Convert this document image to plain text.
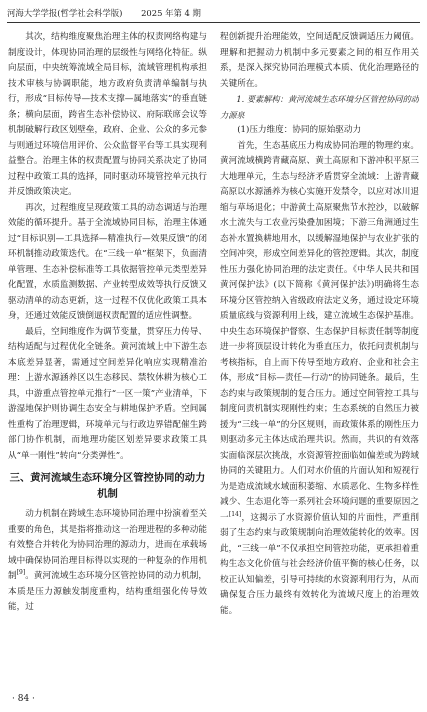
河海大学学报(哲学社会科学版) 2025 年第 4 期

其次，结构维度聚焦治理主体的权责网络构建与制度设计，体现协同治理的层级性与网络化特征。纵向层面，中央统筹流域全局目标，流域管理机构承担技术审核与协调职能，地方政府负责清单编制与执行，形成“目标传导—技术支撑—属地落实”的垂直链条；横向层面，跨省生态补偿协议、府际联席会议等机制破解行政区划壁垒，政府、企业、公众的多元参与则通过环境信用评价、公众监督平台等工具实现利益整合。治理主体的权责配置与协同关系决定了协同过程中政策工具的选择，同时驱动环境管控单元执行并反馈政策决定。

再次，过程维度呈现政策工具的动态调适与治理效能的循环提升。基于全流域协同目标，治理主体通过“目标识别—工具选择—精准执行—效果反馈”的闭环机制推动政策迭代。在“三线一单”框架下，负面清单管理、生态补偿标准等工具依据管控单元类型差异化配置，水质监测数据、产业转型成效等执行反馈又驱动清单的动态更新，这一过程不仅优化政策工具本身，还通过效能反馈倒逼权责配置的适应性调整。

最后，空间维度作为调节变量，贯穿压力传导、结构适配与过程优化全链条。黄河流域上中下游生态本底差异显著，需通过空间差异化响应实现精准治理：上游水源涵养区以生态移民、禁牧休耕为核心工具，中游重点管控单元推行“一区一策”产业清单，下游湿地保护则协调生态安全与耕地保护矛盾。空间属性重构了治理逻辑，环境单元与行政边界错配催生跨部门协作机制，而地理功能区划差异要求政策工具从“单一刚性”转向“分类弹性”。

三、黄河流域生态环境分区管控协同的动力机制

动力机制在跨域生态环境协同治理中扮演着至关重要的角色，其是指将推动这一治理进程的多种动能有效整合并转化为协同治理的源动力，进而在承载场域中确保协同治理目标得以实现的一种复杂的作用机制[9]。黄河流域生态环境分区管控协同的动力机制，本质是压力源触发制度重构，结构重组强化传导效能，过

程创新提升治理能效，空间适配反馈调适压力阈值。理解和把握动力机制中多元要素之间的相互作用关系，是深入探究协同治理模式本质、优化治理路径的关键所在。

1. 要素解构：黄河流域生态环境分区管控协同的动力源泉

(1)压力维度：协同的原始驱动力

首先，生态基底压力构成协同治理的物理约束。黄河流域横跨青藏高原、黄土高原和下游冲积平原三大地理单元，生态与经济矛盾贯穿全流域：上游青藏高原以水源涵养为核心实施开发禁令，以应对冰川退缩与草场退化；中游黄土高原聚焦节水控沙，以破解水土流失与工农业污染叠加困境；下游三角洲通过生态补水置换耕地用水，以缓解湿地保护与农业扩张的空间冲突，形成空间差异化的管控逻辑。其次，制度性压力强化协同治理的法定责任。《中华人民共和国黄河保护法》(以下简称《黄河保护法》)明确将生态环境分区管控纳入省级政府法定义务，通过设定环境质量底线与资源利用上线，建立流域生态保护基准。中央生态环境保护督察、生态保护目标责任制等制度进一步将顶层设计转化为垂直压力，依托问责机制与考核指标，自上而下传导至地方政府、企业和社会主体，形成“目标—责任—行动”的协同链条。最后，生态约束与政策规制的复合压力。通过空间管控工具与制度问责机制实现刚性约束；生态系统的自然压力被援为“三线一单”的分区规则，而政策体系的刚性压力则驱动多元主体达成治理共识。然而，共识的有效落实面临深层次挑战，水资源管控面临如偏差或为跨域协同的关键阻力。人们对水价值的片面认知和短视行为是造成流域水域面积萎缩、水质恶化、生物多样性减少、生态退化等一系列社会环境问题的重要原因之一[14]，这揭示了水资源价值认知的片面性，严重削弱了生态约束与政策规制向治理效能转化的效率。因此，“三线一单”不仅承担空间管控功能，更承担着重构生态文化价值与社会经济价值平衡的核心任务，以校正认知偏差，引导可持续的水资源利用行为，从而确保复合压力最终有效转化为流域尺度上的治理效能。

· 84 ·
